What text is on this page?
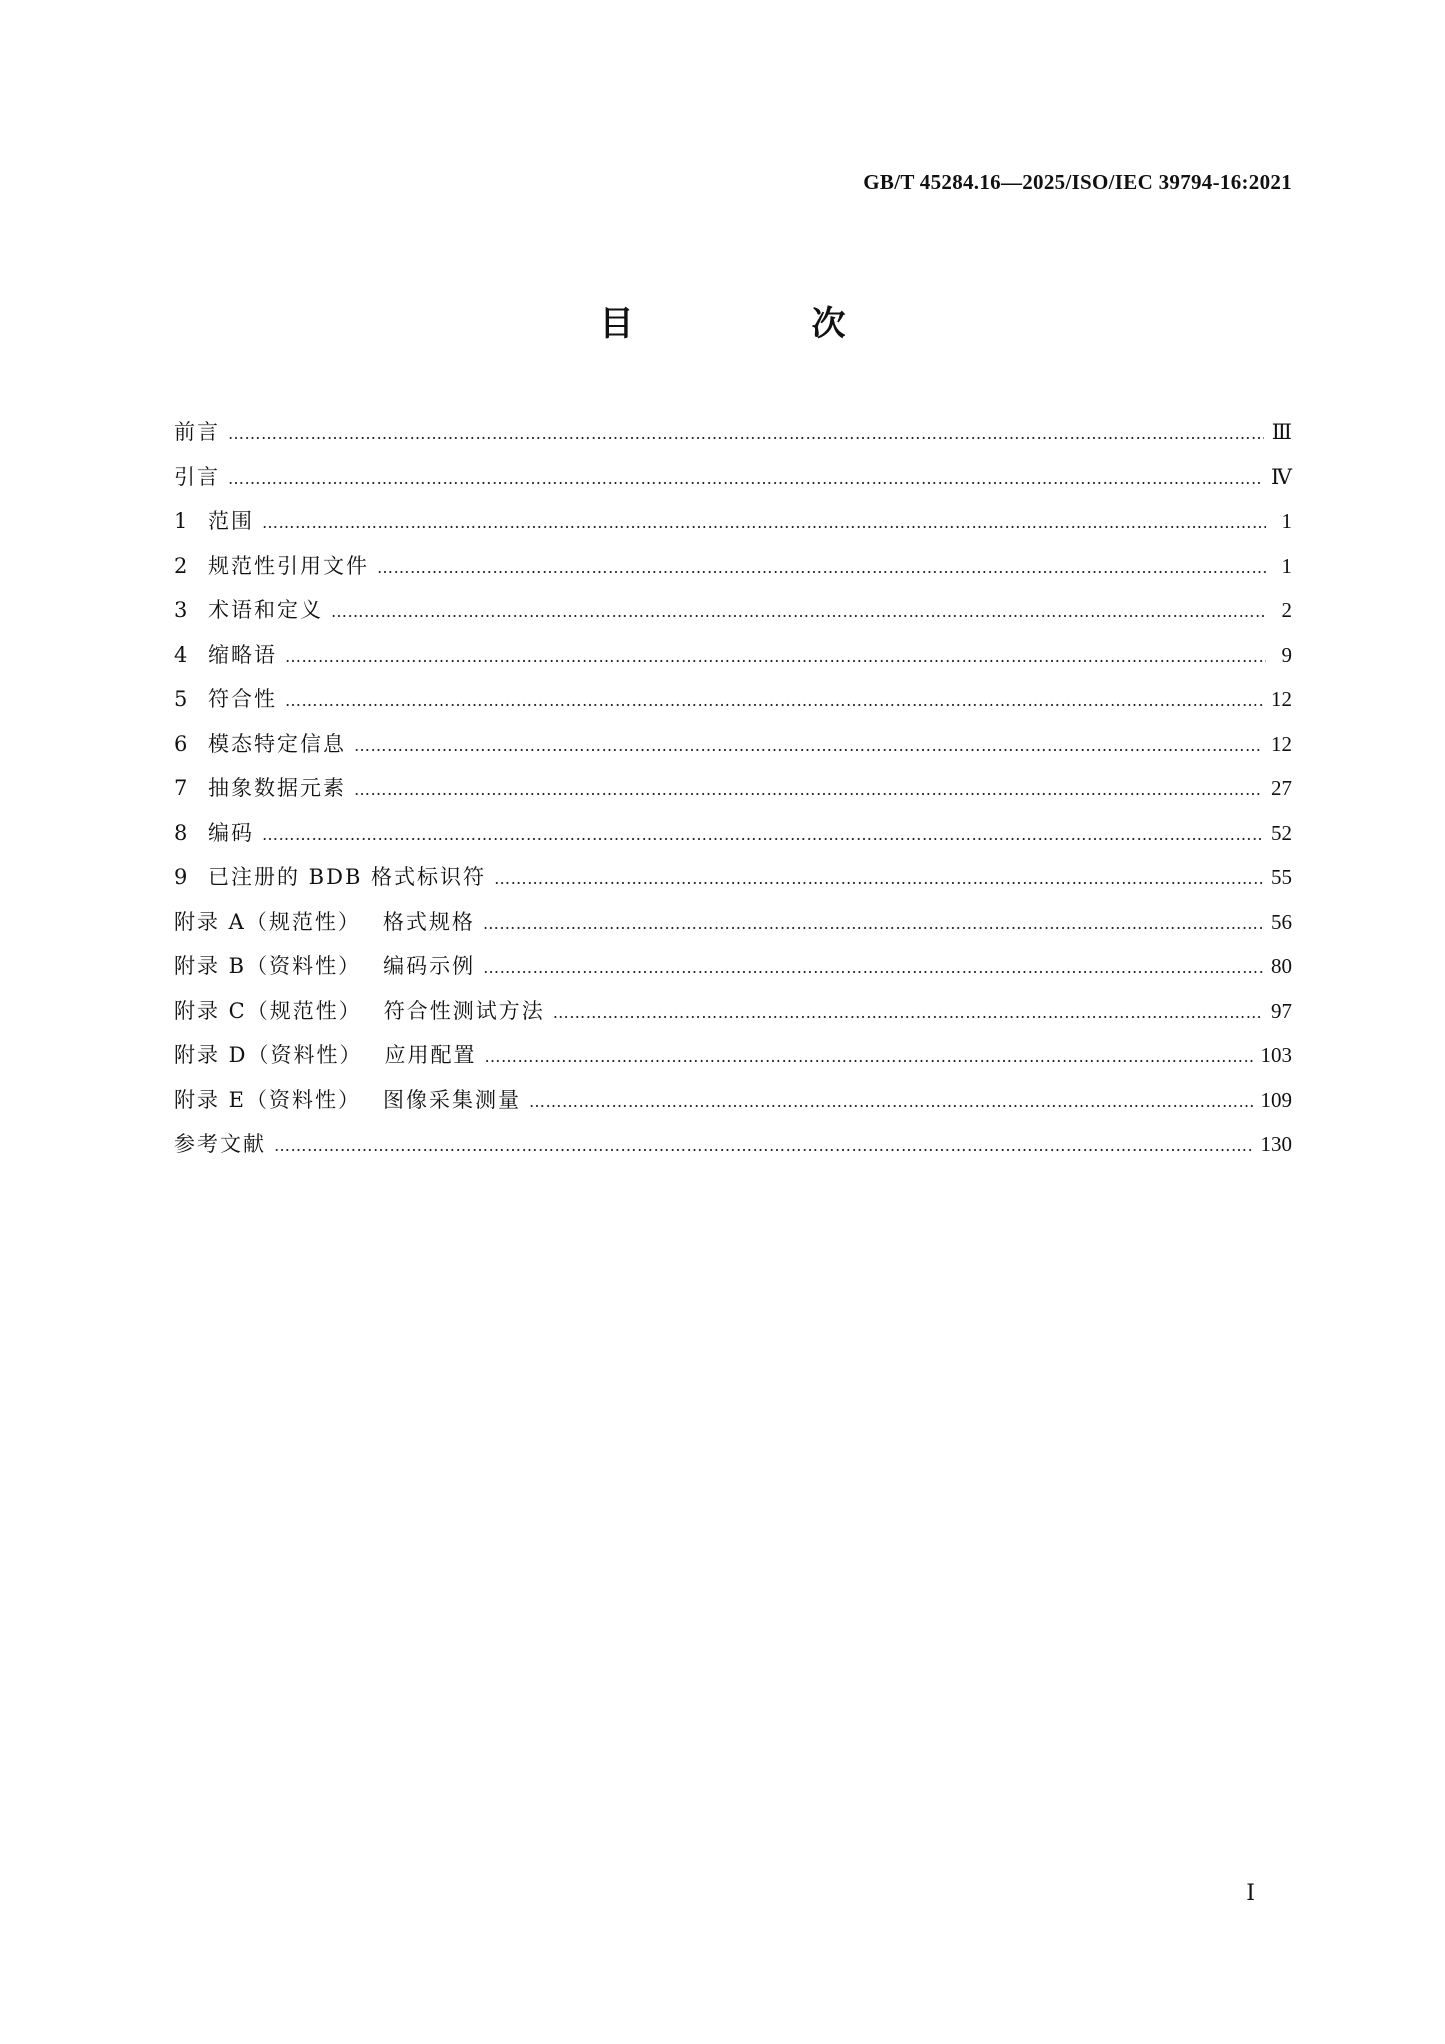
GB/T 45284.16—2025/ISO/IEC 39794-16:2021
目　次
前言 ………………………………………………………………………………………………………………………………………………………………………………………………………………………………………………………………	Ⅲ
引言 ………………………………………………………………………………………………………………………………………………………………………………………………………………………………………………………………	Ⅳ
1 范围 ………………………………………………………………………………………………………………………………………………………………………………………………………………………………………………………………	1
2 规范性引用文件 ………………………………………………………………………………………………………………………………………………………………………………………………………………………………………………………………	1
3 术语和定义 ………………………………………………………………………………………………………………………………………………………………………………………………………………………………………………………………	2
4 缩略语 ………………………………………………………………………………………………………………………………………………………………………………………………………………………………………………………………	9
5 符合性 ………………………………………………………………………………………………………………………………………………………………………………………………………………………………………………………………	12
6 模态特定信息 ………………………………………………………………………………………………………………………………………………………………………………………………………………………………………………………………	12
7 抽象数据元素 ………………………………………………………………………………………………………………………………………………………………………………………………………………………………………………………………	27
8 编码 ………………………………………………………………………………………………………………………………………………………………………………………………………………………………………………………………	52
9 已注册的 BDB 格式标识符 ………………………………………………………………………………………………………………………………………………………………………………………………………………………………………………………………	55
附录 A（规范性） 格式规格 ………………………………………………………………………………………………………………………………………………………………………………………………………………………………………………………………	56
附录 B（资料性） 编码示例 ………………………………………………………………………………………………………………………………………………………………………………………………………………………………………………………………	80
附录 C（规范性） 符合性测试方法 ………………………………………………………………………………………………………………………………………………………………………………………………………………………………………………………………	97
附录 D（资料性） 应用配置 ………………………………………………………………………………………………………………………………………………………………………………………………………………………………………………………………	103
附录 E（资料性） 图像采集测量 ………………………………………………………………………………………………………………………………………………………………………………………………………………………………………………………………	109
参考文献 ………………………………………………………………………………………………………………………………………………………………………………………………………………………………………………………………	130
Ⅰ
